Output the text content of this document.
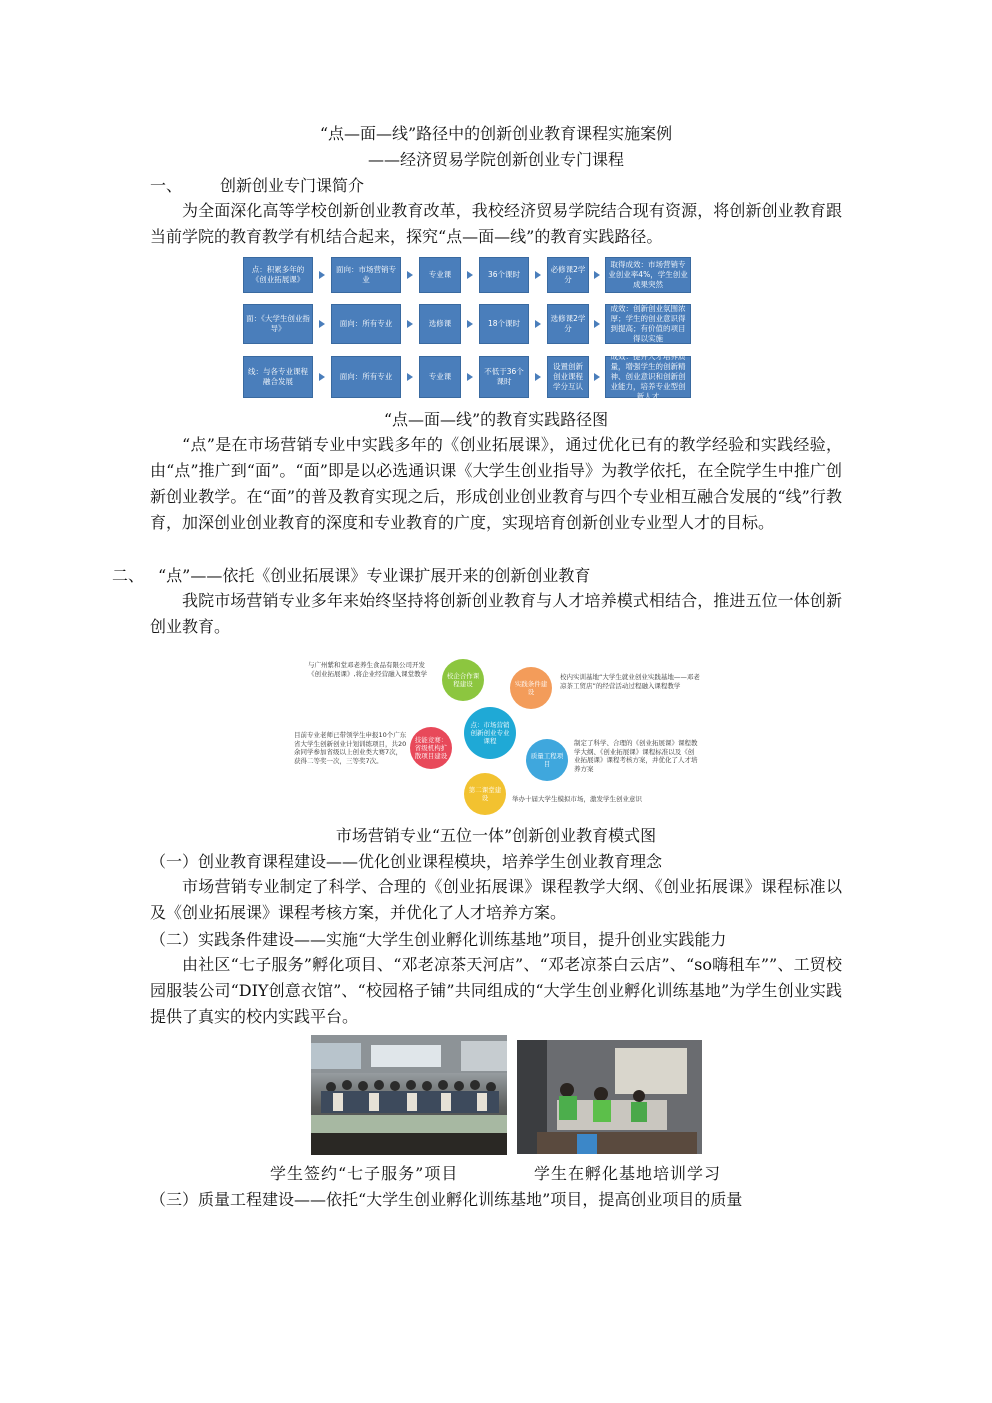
“点—面—线”路径中的创新创业教育课程实施案例
——经济贸易学院创新创业专门课程
一、 创新创业专门课简介
为全面深化高等学校创新创业教育改革，我校经济贸易学院结合现有资源，将创新创业教育跟当前学院的教育教学有机结合起来，探究“点—面—线”的教育实践路径。
点：积累多年的《创业拓展课》
面向：市场营销专业
专业课	36个课时
必修课2学分
取得成效：市场营销专业创业率4%，学生创业成果突然
面：《大学生创业指导》
面向：所有专业	选修课	18个课时
选修课2学分
成效：创新创业氛围浓厚；学生的创业意识得到提高；有价值的项目得以实施
线：与各专业课程融合发展
面向：所有专业	专业课
不低于36个课时
设置创新创业课程学分互认
成效：提升人才培养质量，增强学生的创新精神、创业意识和创新创业能力，培养专业型创新人才
“点—面—线”的教育实践路径图
“点”是在市场营销专业中实践多年的《创业拓展课》，通过优化已有的教学经验和实践经验，由“点”推广到“面”。“面”即是以必选通识课《大学生创业指导》为教学依托，在全院学生中推广创新创业教学。在“面”的普及教育实现之后，形成创业创业教育与四个专业相互融合发展的“线”行教育，加深创业创业教育的深度和专业教育的广度，实现培育创新创业专业型人才的目标。
二、 “点”——依托《创业拓展课》专业课扩展开来的创新创业教育
我院市场营销专业多年来始终坚持将创新创业教育与人才培养模式相结合，推进五位一体创新创业教育。
点：市场营销创新创业专业课程
校企合作课程建设	实践条件建设
质量工程项目
第二课堂建设
技能竞赛：省级机构扩散项目建设
与广州紫和堂邓老养生食品有限公司开发《创业拓展课》,将企业经营融入课堂教学	校内实训基地“大学生就业创业实践基地——邓老凉茶工贸店”的经营活动过程融入课程教学
制定了科学、合理的《创业拓展课》课程教学大纲、《创业拓展课》课程标准以及《创业拓展课》课程考核方案，并优化了人才培养方案
举办十届大学生模拟市场，激发学生创业意识
目前专业老师已带领学生申报10个广东省大学生创新创业计划训练项目，共20余同学参加省级以上创业类大赛7次，获得二等奖一次，三等奖7次。
市场营销专业“五位一体”创新创业教育模式图
（一）创业教育课程建设——优化创业课程模块，培养学生创业教育理念
市场营销专业制定了科学、合理的《创业拓展课》课程教学大纲、《创业拓展课》课程标准以及《创业拓展课》课程考核方案，并优化了人才培养方案。
（二）实践条件建设——实施“大学生创业孵化训练基地”项目，提升创业实践能力
由社区“七子服务”孵化项目、“邓老凉茶天河店”、“邓老凉茶白云店”、“so嗨租车””、工贸校园服装公司“DIY创意衣馆”、“校园格子铺”共同组成的“大学生创业孵化训练基地”为学生创业实践提供了真实的校内实践平台。
学生签约“七子服务”项目	学生在孵化基地培训学习
（三）质量工程建设——依托“大学生创业孵化训练基地”项目，提高创业项目的质量
